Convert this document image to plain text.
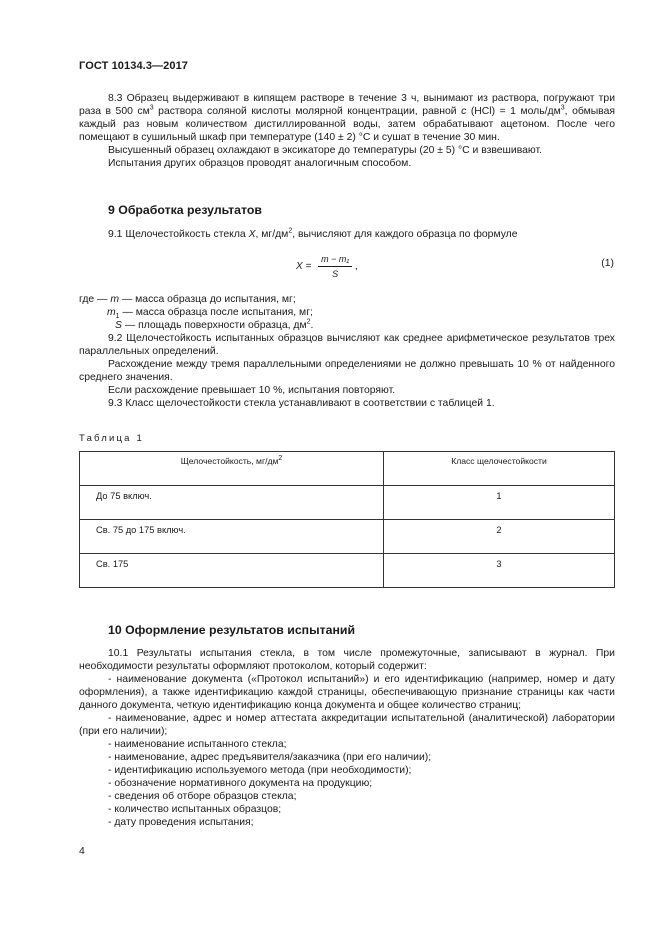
ГОСТ 10134.3—2017

8.3 Образец выдерживают в кипящем растворе в течение 3 ч, вынимают из раствора, погружают три раза в 500 $см^3$ раствора соляной кислоты молярной концентрации, равной с (HCl) = 1 моль/$дм^3$, обмывая каждый раз новым количеством дистиллированной воды, затем обрабатывают ацетоном. После чего помещают в сушильный шкаф при температуре (140 ± 2) °С и сушат в течение 30 мин.

Высушенный образец охлаждают в эксикаторе до температуры (20 ± 5) °С и взвешивают.

Испытания других образцов проводят аналогичным способом.

9 Обработка результатов

9.1 Щелочестойкость стекла X, $мг/дм^2$, вычисляют для каждого образца по формуле

$X = \frac{\text{m − m₁}}{S}$ ,	(1)
где — m — масса образца до испытания, мг;
$m_1$ — масса образца после испытания, мг;
S — площадь поверхности образца, $дм^2$.

9.2 Щелочестойкость испытанных образцов вычисляют как среднее арифметическое результатов трех параллельных определений.

Расхождение между тремя параллельными определениями не должно превышать 10 % от найденного среднего значения.

Если расхождение превышает 10 %, испытания повторяют.

9.3 Класс щелочестойкости стекла устанавливают в соответствии с таблицей 1.

Таблица 1
Щелочестойкость, $мг/дм^2$	Класс щелочестойкости
До 75 включ.	1
Св. 75 до 175 включ.	2
Св. 175	3
10 Оформление результатов испытаний

10.1 Результаты испытания стекла, в том числе промежуточные, записывают в журнал. При необходимости результаты оформляют протоколом, который содержит:

- наименование документа («Протокол испытаний») и его идентификацию (например, номер и дату оформления), а также идентификацию каждой страницы, обеспечивающую признание страницы как части данного документа, четкую идентификацию конца документа и общее количество страниц;

- наименование, адрес и номер аттестата аккредитации испытательной (аналитической) лаборатории (при его наличии);

- наименование испытанного стекла;

- наименование, адрес предъявителя/заказчика (при его наличии);

- идентификацию используемого метода (при необходимости);

- обозначение нормативного документа на продукцию;

- сведения об отборе образцов стекла;

- количество испытанных образцов;

- дату проведения испытания;

4
